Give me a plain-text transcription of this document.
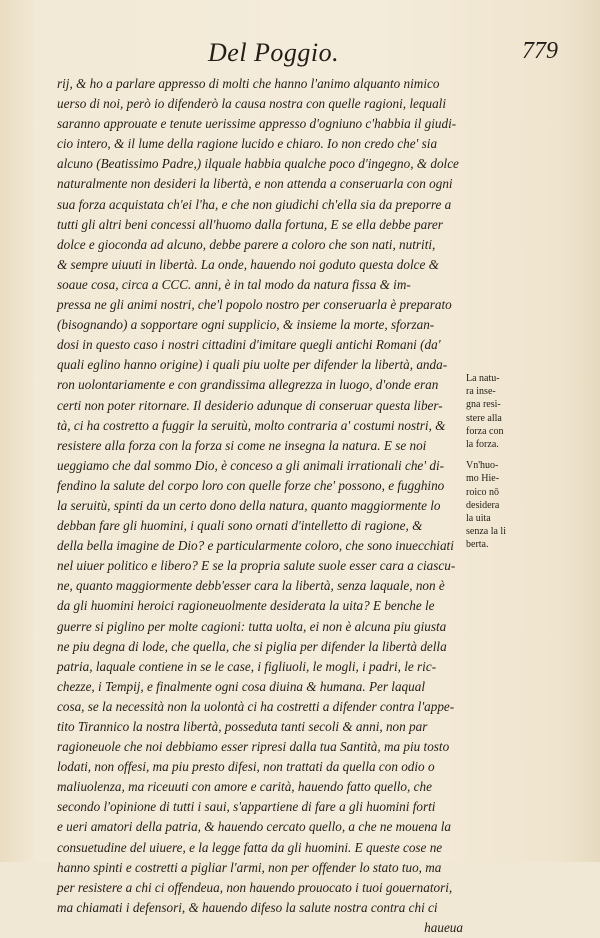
Del Poggio.	779
rij, & ho a parlare appresso di molti che hanno l'animo alquanto nimico
uerso di noi, però io difenderò la causa nostra con quelle ragioni, lequali
saranno approuate e tenute uerissime appresso d'ogniuno c'habbia il giudi-
cio intero, & il lume della ragione lucido e chiaro. Io non credo che' sia
alcuno (Beatissimo Padre,) ilquale habbia qualche poco d'ingegno, & dolce
naturalmente non desideri la libertà, e non attenda a conseruarla con ogni
sua forza acquistata ch'ei l'ha, e che non giudichi ch'ella sia da preporre a
tutti gli altri beni concessi all'huomo dalla fortuna, E se ella debbe parer
dolce e gioconda ad alcuno, debbe parere a coloro che son nati, nutriti,
& sempre uiuuti in libertà. La onde, hauendo noi goduto questa dolce &
soaue cosa, circa a CCC. anni, è in tal modo da natura fissa & im-
pressa ne gli animi nostri, che'l popolo nostro per conseruarla è preparato
(bisognando) a sopportare ogni supplicio, & insieme la morte, sforzan-
dosi in questo caso i nostri cittadini d'imitare quegli antichi Romani (da'
quali eglino hanno origine) i quali piu uolte per difender la libertà, anda-
ron uolontariamente e con grandissima allegrezza in luogo, d'onde eran
certi non poter ritornare. Il desiderio adunque di conseruar questa liber-
tà, ci ha costretto a fuggir la seruitù, molto contraria a' costumi nostri, &
resistere alla forza con la forza si come ne insegna la natura. E se noi
ueggiamo che dal sommo Dio, è conceso a gli animali irrationali che' di-
fendino la salute del corpo loro con quelle forze che' possono, e fugghino
la seruitù, spinti da un certo dono della natura, quanto maggiormente lo
debban fare gli huomini, i quali sono ornati d'intelletto di ragione, &
della bella imagine de Dio? e particularmente coloro, che sono inuecchiati
nel uiuer politico e libero? E se la propria salute suole esser cara a ciascu-
ne, quanto maggiormente debb'esser cara la libertà, senza laquale, non è
da gli huomini heroici ragioneuolmente desiderata la uita? E benche le
guerre si piglino per molte cagioni: tutta uolta, ei non è alcuna piu giusta
ne piu degna di lode, che quella, che si piglia per difender la libertà della
patria, laquale contiene in se le case, i figliuoli, le mogli, i padri, le ric-
chezze, i Tempij, e finalmente ogni cosa diuina & humana. Per laqual
cosa, se la necessità non la uolontà ci ha costretti a difender contra l'appe-
tito Tirannico la nostra libertà, posseduta tanti secoli & anni, non par
ragioneuole che noi debbiamo esser ripresi dalla tua Santità, ma piu tosto
lodati, non offesi, ma piu presto difesi, non trattati da quella con odio o
maliuolenza, ma riceuuti con amore e carità, hauendo fatto quello, che
secondo l'opinione di tutti i saui, s'appartiene di fare a gli huomini forti
e ueri amatori della patria, & hauendo cercato quello, a che ne mouena la
consuetudine del uiuere, e la legge fatta da gli huomini. E queste cose ne
hanno spinti e costretti a pigliar l'armi, non per offender lo stato tuo, ma
per resistere a chi ci offendeua, non hauendo prouocato i tuoi gouernatori,
ma chiamati i defensori, & hauendo difeso la salute nostra contra chi ci
haueua
La natu-
ra inse-
gna resi-
stere alla
forza con
la forza.
Vn'huo-
mo Hie-
roico nō
desidera
la uita
senza la li
berta.
